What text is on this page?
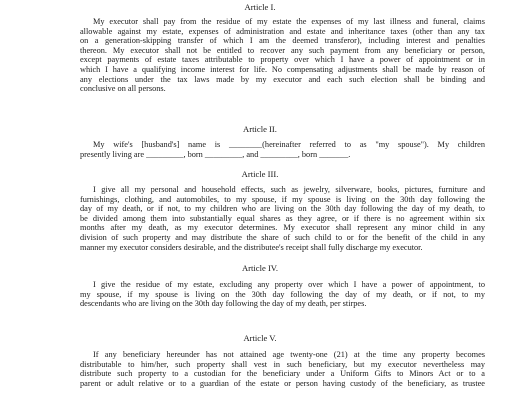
Article I.
My executor shall pay from the residue of my estate the expenses of my last illness and funeral, claims
allowable against my estate, expenses of administration and estate and inheritance taxes (other than any tax
on a generation-skipping transfer of which I am the deemed transferor), including interest and penalties
thereon. My executor shall not be entitled to recover any such payment from any beneficiary or person,
except payments of estate taxes attributable to property over which I have a power of appointment or in
which I have a qualifying income interest for life. No compensating adjustments shall be made by reason of
any elections under the tax laws made by my executor and each such election shall be binding and
conclusive on all persons.
Article II.
My wife's [husband's] name is ________(hereinafter referred to as "my spouse"). My children
presently living are _________, born _________, and _________, born _______.
Article III.
I give all my personal and household effects, such as jewelry, silverware, books, pictures, furniture and
furnishings, clothing, and automobiles, to my spouse, if my spouse is living on the 30th day following the
day of my death, or if not, to my children who are living on the 30th day following the day of my death, to
be divided among them into substantially equal shares as they agree, or if there is no agreement within six
months after my death, as my executor determines. My executor shall represent any minor child in any
division of such property and may distribute the share of such child to or for the benefit of the child in any
manner my executor considers desirable, and the distributee's receipt shall fully discharge my executor.
Article IV.
I give the residue of my estate, excluding any property over which I have a power of appointment, to
my spouse, if my spouse is living on the 30th day following the day of my death, or if not, to my
descendants who are living on the 30th day following the day of my death, per stirpes.
Article V.
If any beneficiary hereunder has not attained age twenty-one (21) at the time any property becomes
distributable to him/her, such property shall vest in such beneficiary, but my executor nevertheless may
distribute such property to a custodian for the beneficiary under a Uniform Gifts to Minors Act or to a
parent or adult relative or to a guardian of the estate or person having custody of the beneficiary, as trustee
